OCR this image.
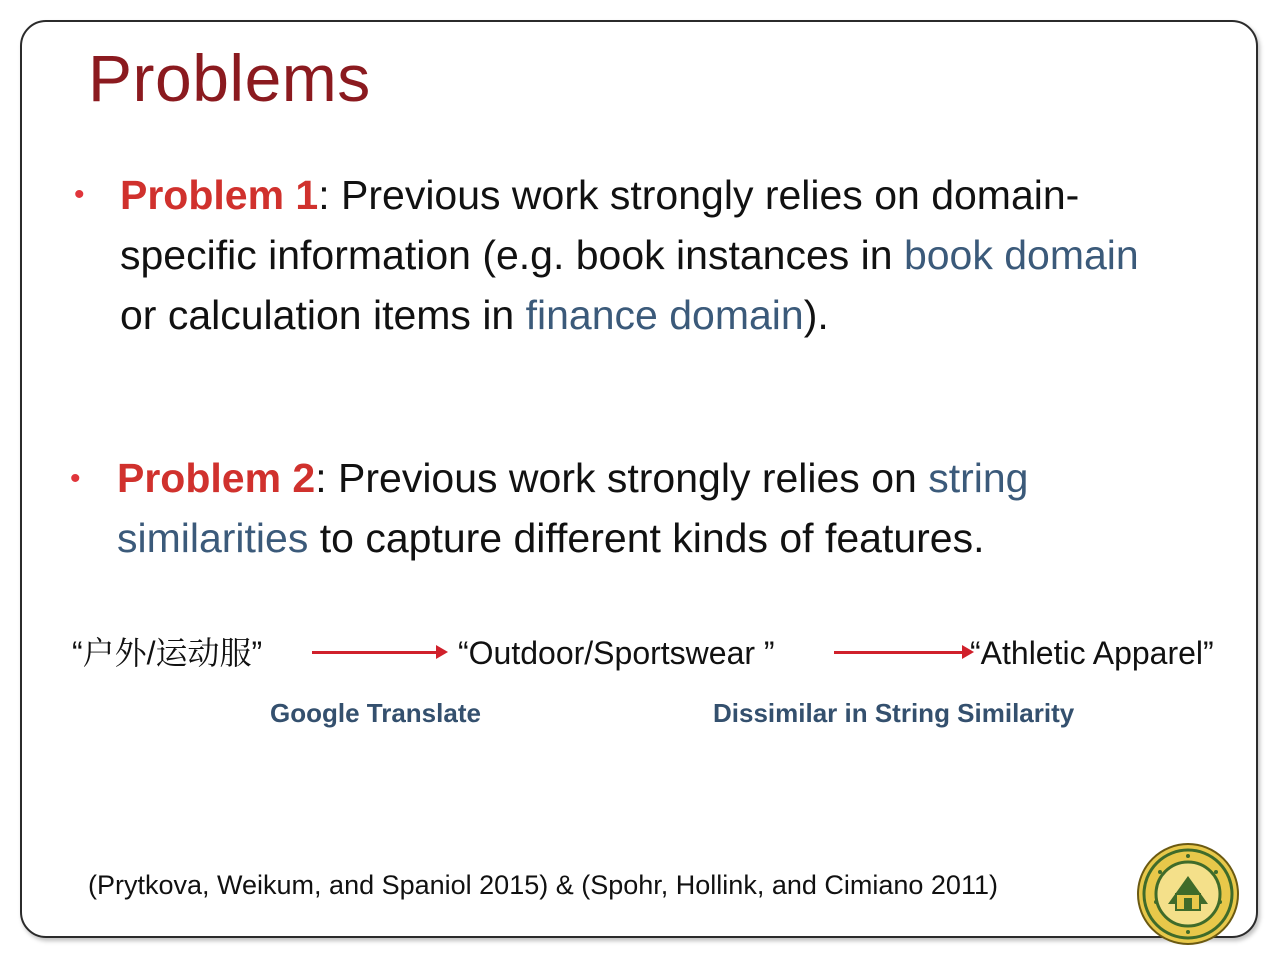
Problems
• Problem 1: Previous work strongly relies on domain-

specific information (e.g. book instances in book domain

or calculation items in finance domain).

• Problem 2: Previous work strongly relies on string

similarities to capture different kinds of features.

“户外/运动服”	“Outdoor/Sportswear ”	“Athletic Apparel”
Google Translate	Dissimilar in String Similarity
(Prytkova, Weikum, and Spaniol 2015) & (Spohr, Hollink, and Cimiano 2011)
